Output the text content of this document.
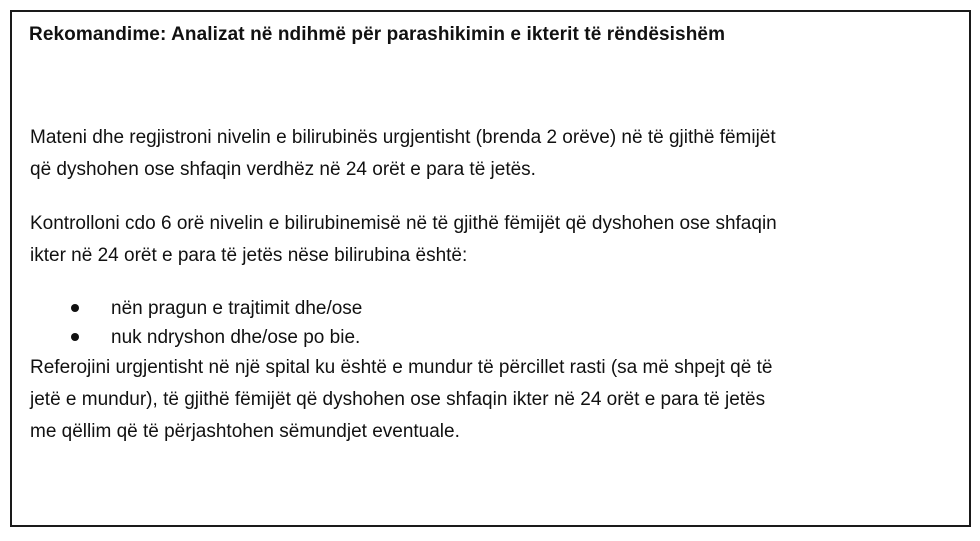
Rekomandime: Analizat në ndihmë për parashikimin e ikterit të rëndësishëm
Mateni dhe regjistroni nivelin e bilirubinës urgjentisht (brenda 2 orëve) në të gjithë fëmijët
që dyshohen ose shfaqin verdhëz në 24 orët e para të jetës.
Kontrolloni cdo 6 orë nivelin e bilirubinemisë në të gjithë fëmijët që dyshohen ose shfaqin
ikter në 24 orët e para të jetës nëse bilirubina është:
nën pragun e trajtimit dhe/ose
nuk ndryshon dhe/ose po bie.
Referojini urgjentisht në një spital ku është e mundur të përcillet rasti (sa më shpejt që të
jetë e mundur), të gjithë fëmijët që dyshohen ose shfaqin ikter në 24 orët e para të jetës
me qëllim që të përjashtohen sëmundjet eventuale.
